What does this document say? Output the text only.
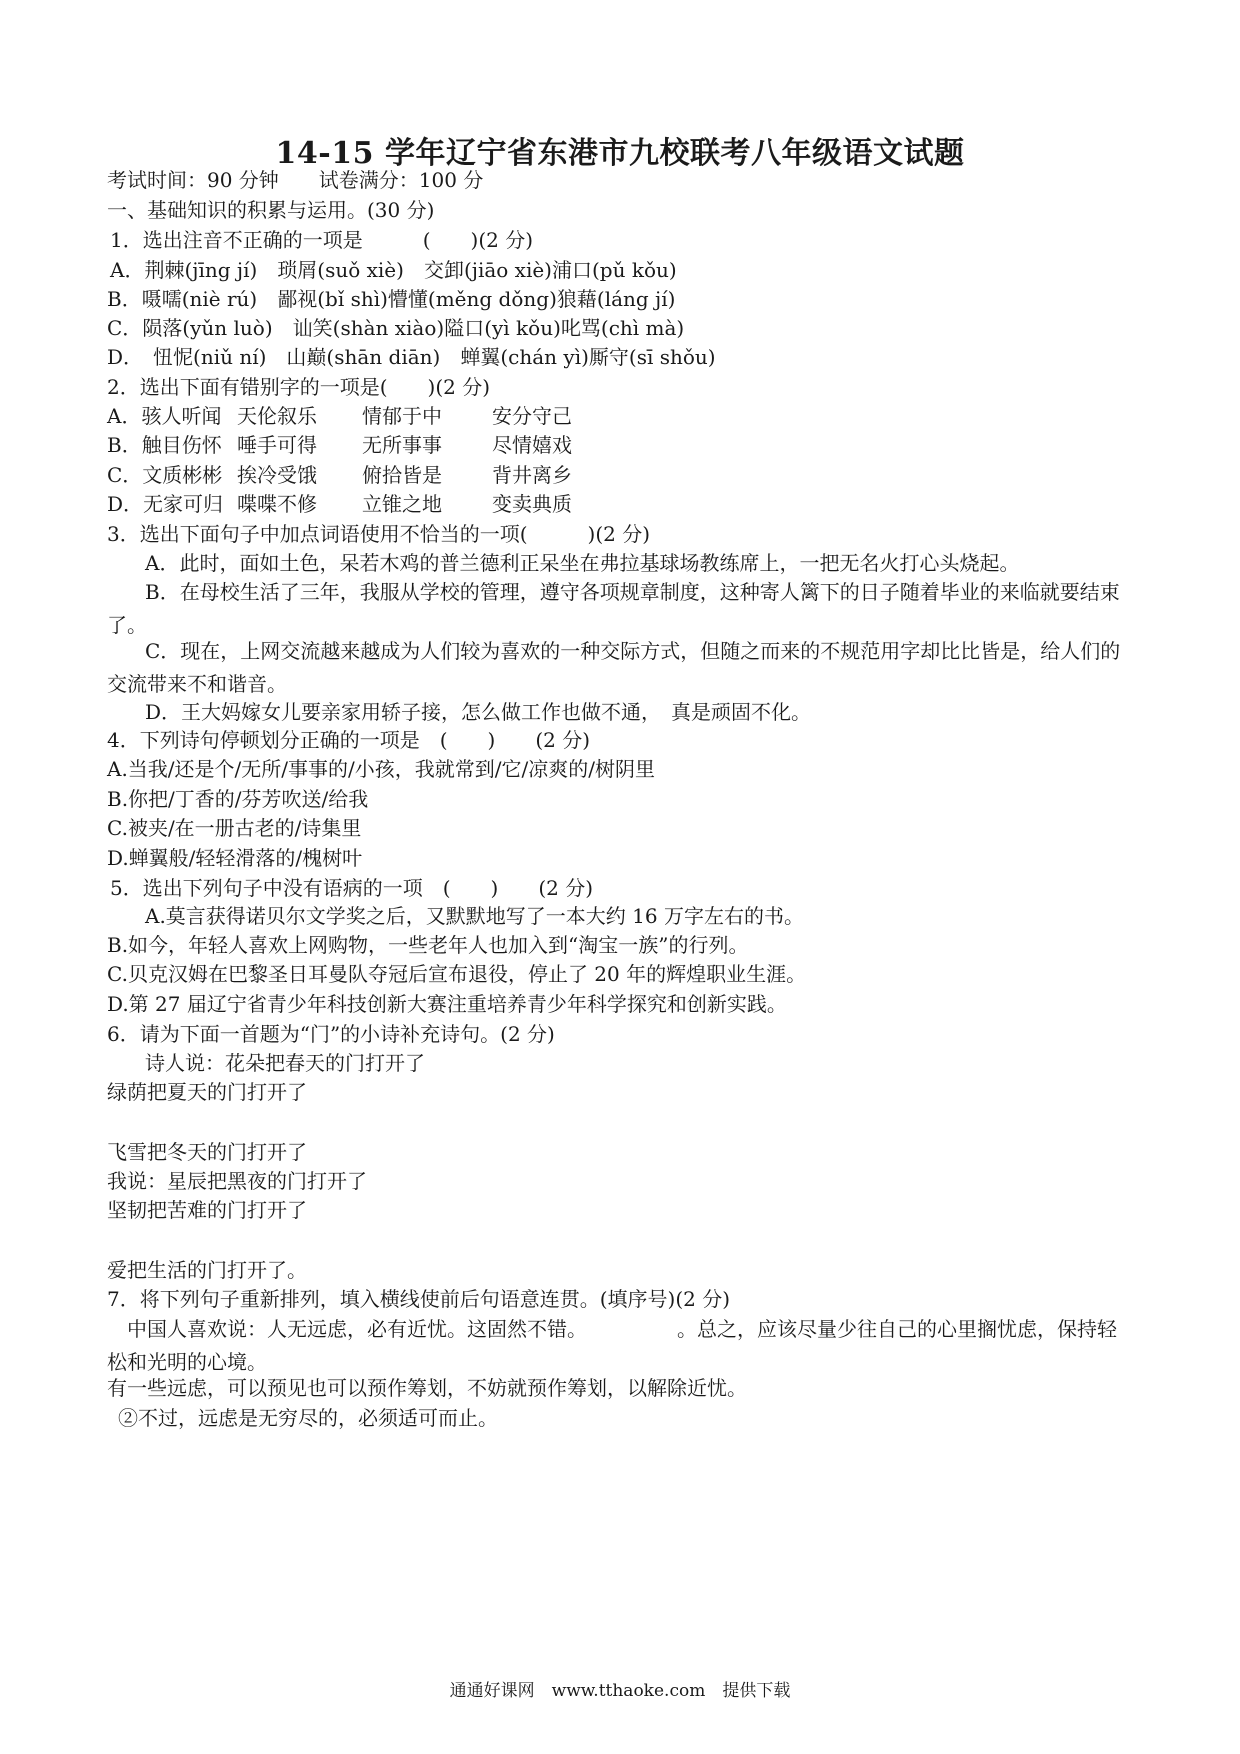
14-15 学年辽宁省东港市九校联考八年级语文试题
考试时间：90 分钟　　试卷满分：100 分
一、基础知识的积累与运用。(30 分)
1．选出注音不正确的一项是　　　(　　)(2 分)
A．荆棘(jīng jí)　琐屑(suǒ xiè)　交卸(jiāo xiè)浦口(pǔ kǒu)
B．嗫嚅(niè rú)　鄙视(bǐ shì)懵懂(měng dǒng)狼藉(láng jí)
C．陨落(yǔn luò)　讪笑(shàn xiào)隘口(yì kǒu)叱骂(chì mà)
D．　忸怩(niǔ ní)　山巅(shān diān)　蝉翼(chán yì)厮守(sī shǒu)
2．选出下面有错别字的一项是(　　)(2 分)
A．骇人听闻 天伦叙乐 情郁于中	安分守己
B．触目伤怀 唾手可得 无所事事	尽情嬉戏
C．文质彬彬 挨冷受饿 俯拾皆是	背井离乡
D．无家可归 喋喋不修 立锥之地	变卖典质
3．选出下面句子中加点词语使用不恰当的一项(　　　)(2 分)
A．此时，面如土色，呆若木鸡的普兰德利正呆坐在弗拉基球场教练席上，一把无名火打心头烧起。
B．在母校生活了三年，我服从学校的管理，遵守各项规章制度，这种寄人篱下的日子随着毕业的来临就要结束了。
C．现在，上网交流越来越成为人们较为喜欢的一种交际方式，但随之而来的不规范用字却比比皆是，给人们的交流带来不和谐音。
D．王大妈嫁女儿要亲家用轿子接，怎么做工作也做不通，　真是顽固不化。
4．下列诗句停顿划分正确的一项是　(　　)　　(2 分)
A.当我/还是个/无所/事事的/小孩，我就常到/它/凉爽的/树阴里
B.你把/丁香的/芬芳吹送/给我
C.被夹/在一册古老的/诗集里
D.蝉翼般/轻轻滑落的/槐树叶
5．选出下列句子中没有语病的一项　(　　)　　(2 分)
A.莫言获得诺贝尔文学奖之后，又默默地写了一本大约 16 万字左右的书。
B.如今，年轻人喜欢上网购物，一些老年人也加入到“淘宝一族”的行列。
C.贝克汉姆在巴黎圣日耳曼队夺冠后宣布退役，停止了 20 年的辉煌职业生涯。
D.第 27 届辽宁省青少年科技创新大赛注重培养青少年科学探究和创新实践。
6．请为下面一首题为“门”的小诗补充诗句。(2 分)
诗人说：花朵把春天的门打开了
绿荫把夏天的门打开了
飞雪把冬天的门打开了
我说：星辰把黑夜的门打开了
坚韧把苦难的门打开了
爱把生活的门打开了。
7．将下列句子重新排列，填入横线使前后句语意连贯。(填序号)(2 分)
中国人喜欢说：人无远虑，必有近忧。这固然不错。　　　　　。总之，应该尽量少往自己的心里搁忧虑，保持轻松和光明的心境。
有一些远虑，可以预见也可以预作筹划，不妨就预作筹划，以解除近忧。
②不过，远虑是无穷尽的，必须适可而止。
通通好课网　www.tthaoke.com　提供下载
